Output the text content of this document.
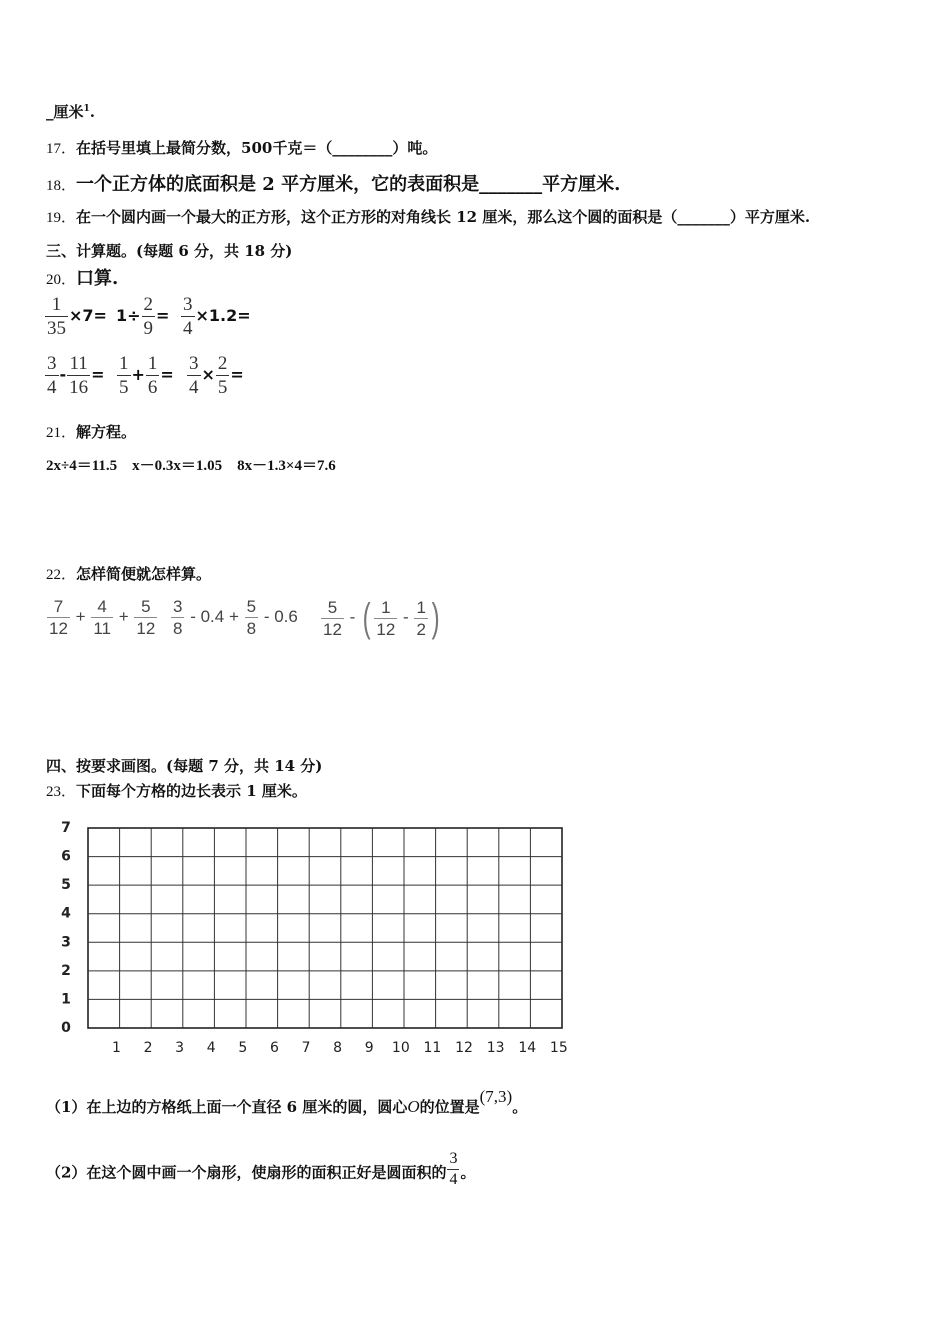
_厘米$^1$.
17．在括号里填上最简分数，500千克＝（________）吨。
18．一个正方体的底面积是 2 平方厘米，它的表面积是_______平方厘米.
19．在一个圆内画一个最大的正方形，这个正方形的对角线长 12 厘米，那么这个圆的面积是（_______）平方厘米.
三、计算题。(每题 6 分，共 18 分)
20．口算.
$\frac{1}{35} \times 7= 1\div \frac{2}{9} = \frac{3}{4} \times 1.2=$
$\frac{3}{4} - \frac{11}{16} = \frac{1}{5} + \frac{1}{6} = \frac{3}{4} \times \frac{2}{5}$ =
21．解方程。
2x÷4＝11.5　x－0.3x＝1.05　8x－1.3×4＝7.6
22．怎样简便就怎样算。
$\frac{7}{12} + \frac{4}{11} + \frac{5}{12} \frac{3}{8} - 0.4 + \frac{5}{8} - 0.6 \frac{5}{12}$ - ( $\frac{1}{12} - \frac{1}{2}$ )
四、按要求画图。(每题 7 分，共 14 分)
23．下面每个方格的边长表示 1 厘米。
7
6
5
4
3
2
1
0
1 2 3 4 5 6 7 8 9 10 11 12 13 14 15
（1）在上边的方格纸上面一个直径 6 厘米的圆，圆心O的位置是(7,3)。
（2）在这个圆中画一个扇形，使扇形的面积正好是圆面积的 $\frac{3}{4}$ 。
